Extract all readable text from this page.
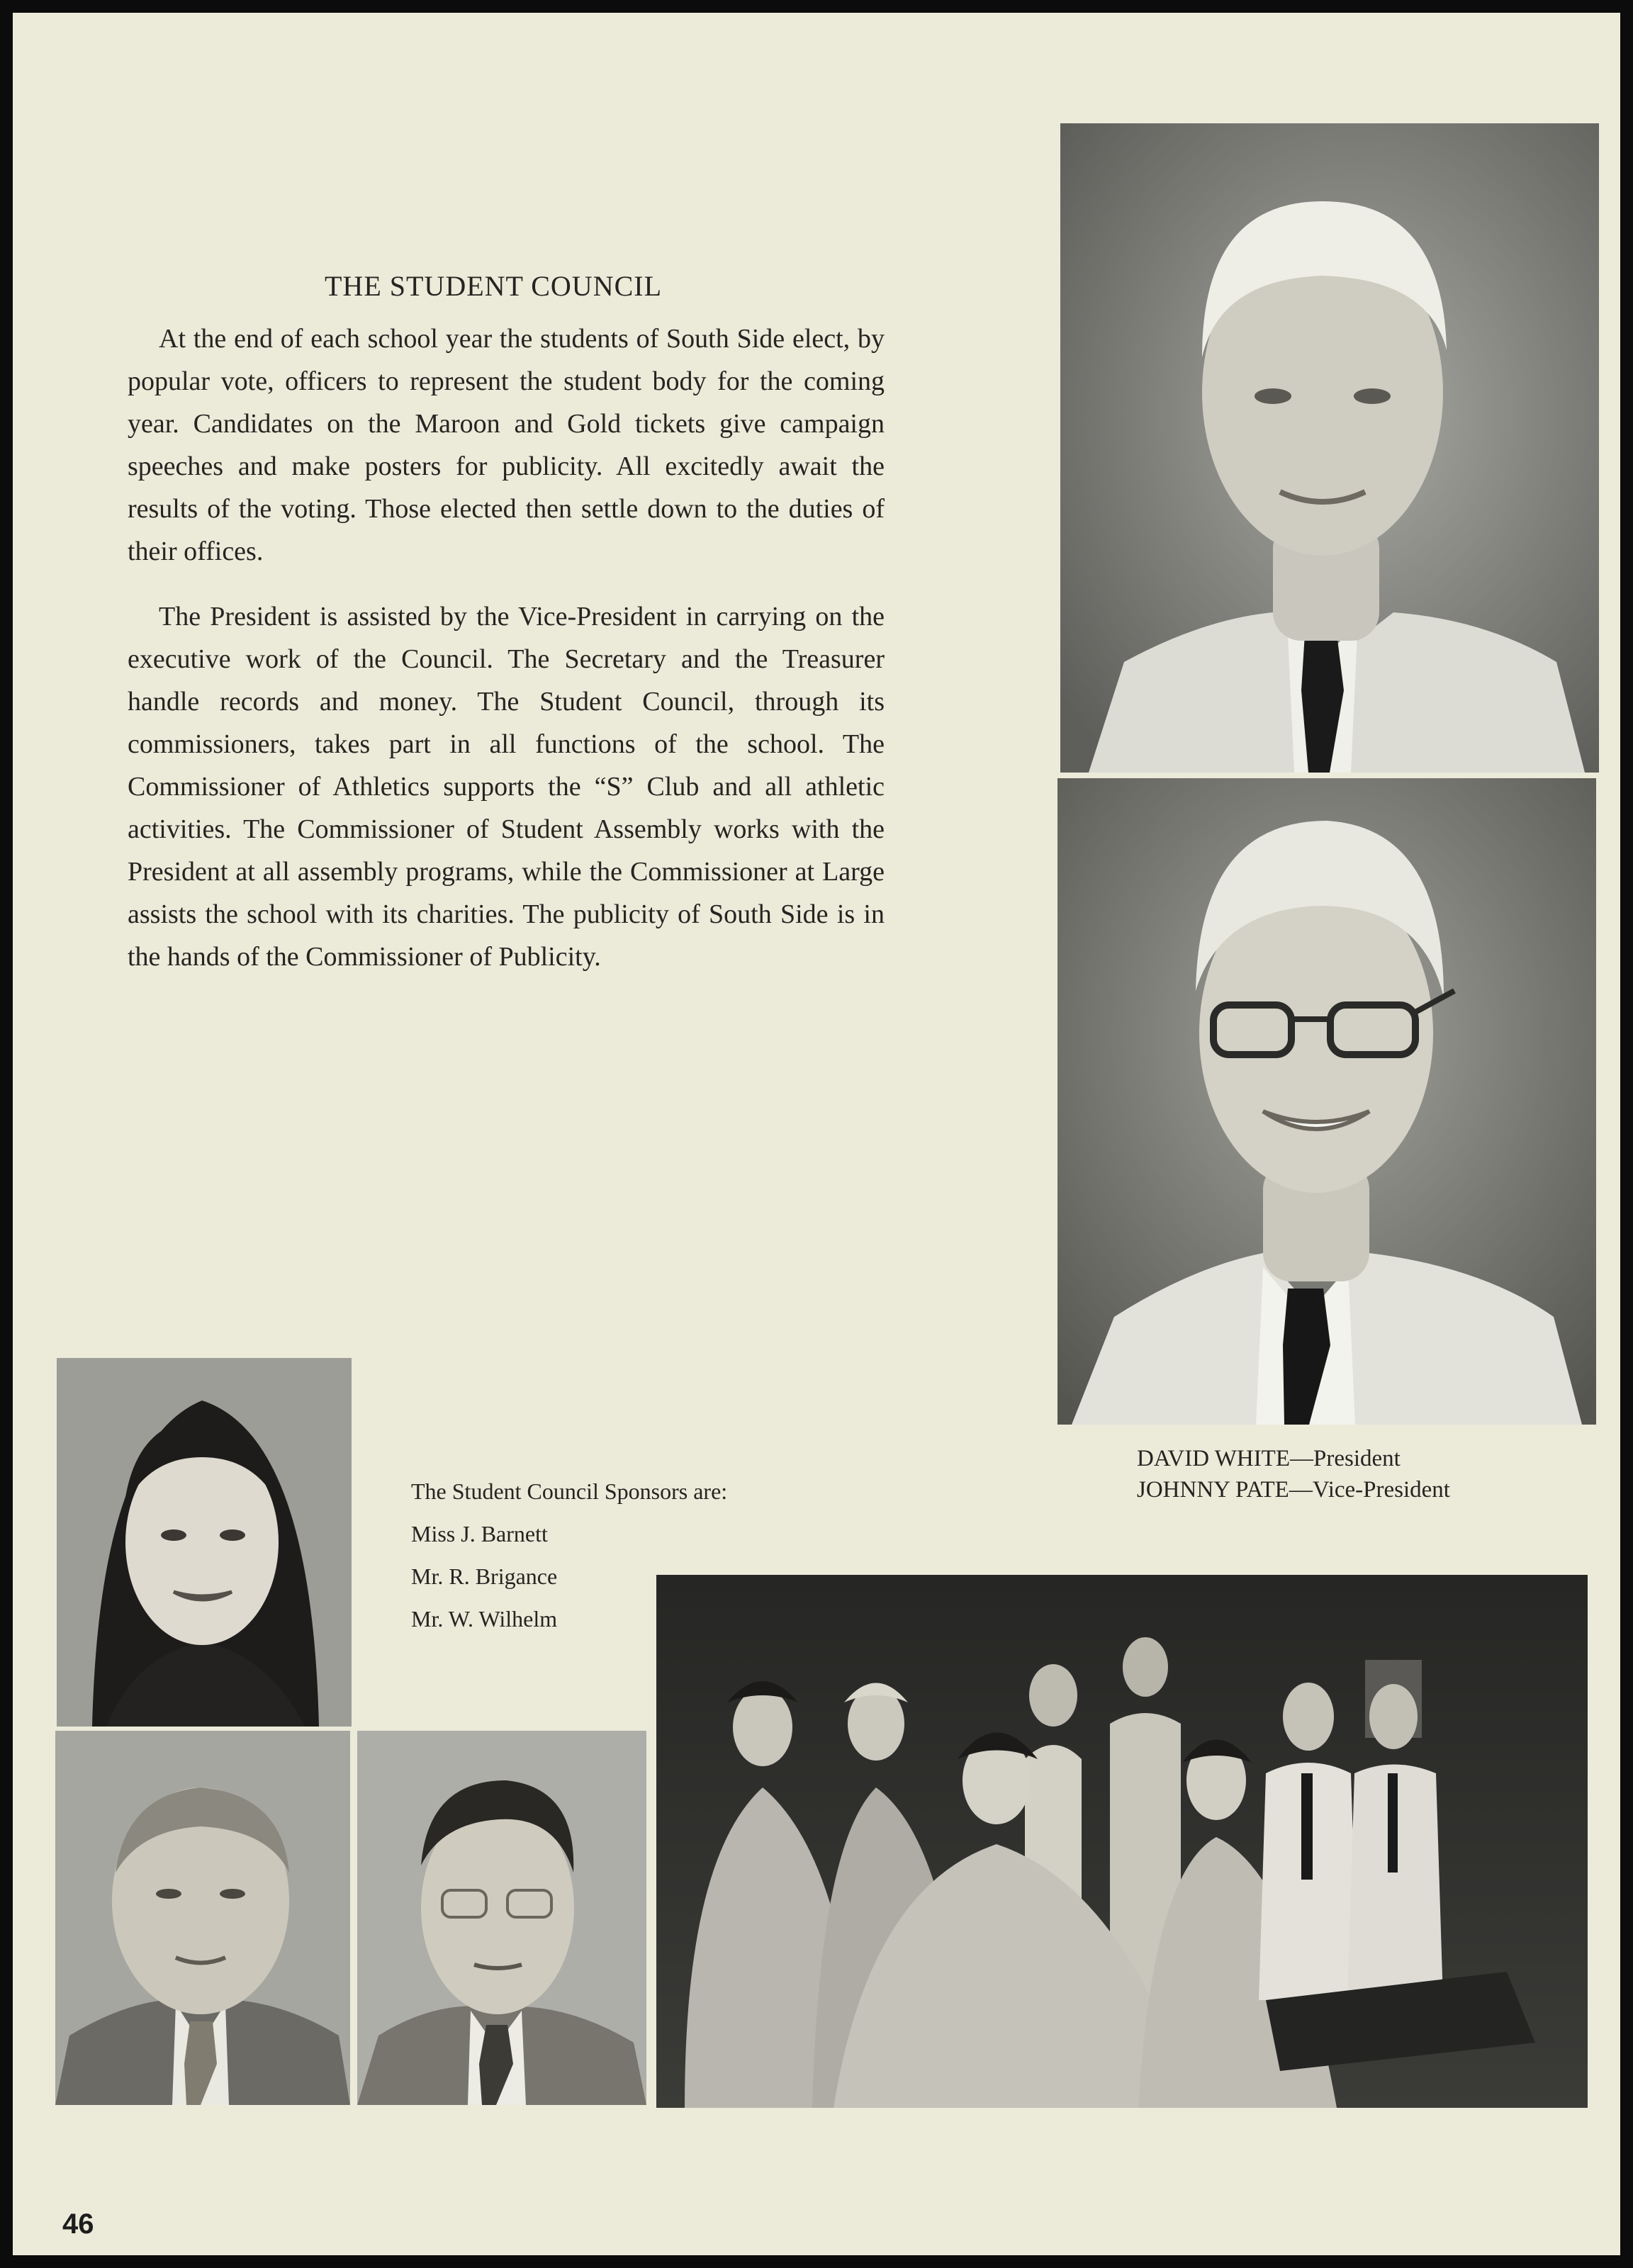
THE STUDENT COUNCIL

At the end of each school year the students of South Side elect, by popular vote, officers to represent the student body for the coming year. Candidates on the Maroon and Gold tickets give campaign speeches and make posters for publicity. All excitedly await the results of the voting. Those elected then settle down to the duties of their offices.

The President is assisted by the Vice-President in carrying on the executive work of the Council. The Secretary and the Treasurer handle records and money. The Student Council, through its commissioners, takes part in all functions of the school. The Commissioner of Athletics supports the “S” Club and all athletic activities. The Commissioner of Student Assembly works with the President at all assembly programs, while the Commissioner at Large assists the school with its charities. The publicity of South Side is in the hands of the Commissioner of Publicity.

DAVID WHITE—President
JOHNNY PATE—Vice-President
The Student Council Sponsors are:
Miss J. Barnett
Mr. R. Brigance
Mr. W. Wilhelm
46
